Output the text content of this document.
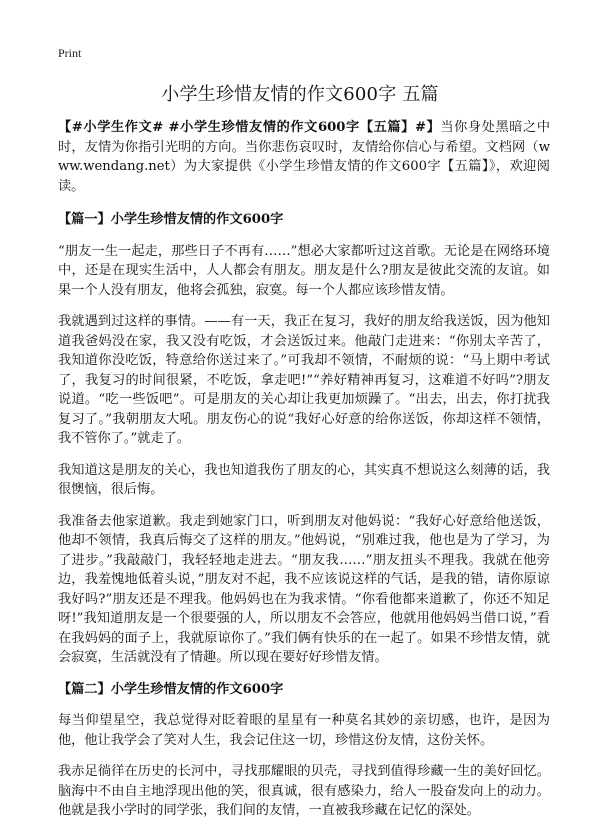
Print
小学生珍惜友情的作文600字 五篇

【#小学生作文# #小学生珍惜友情的作文600字【五篇】#】当你身处黑暗之中时，友情为你指引光明的方向。当你悲伤哀叹时，友情给你信心与希望。文档网（www.wendang.net）为大家提供《小学生珍惜友情的作文600字【五篇】》，欢迎阅读。

【篇一】小学生珍惜友情的作文600字

“朋友一生一起走，那些日子不再有……”想必大家都听过这首歌。无论是在网络环境中，还是在现实生活中，人人都会有朋友。朋友是什么?朋友是彼此交流的友谊。如果一个人没有朋友，他将会孤独，寂寞。每一个人都应该珍惜友情。

我就遇到过这样的事情。——有一天，我正在复习，我好的朋友给我送饭，因为他知道我爸妈没在家，我又没有吃饭，才会送饭过来。他敲门走进来：“你别太辛苦了，我知道你没吃饭，特意给你送过来了。”可我却不领情，不耐烦的说：“马上期中考试了，我复习的时间很紧，不吃饭，拿走吧!”“养好精神再复习，这难道不好吗”?朋友说道。“吃一些饭吧”。可是朋友的关心却让我更加烦躁了。“出去，出去，你打扰我复习了。”我朝朋友大吼。朋友伤心的说“我好心好意的给你送饭，你却这样不领情，我不管你了。”就走了。

我知道这是朋友的关心，我也知道我伤了朋友的心，其实真不想说这么刻薄的话，我很懊恼，很后悔。

我准备去他家道歉。我走到她家门口，听到朋友对他妈说：“我好心好意给他送饭，他却不领情，我真后悔交了这样的朋友。”他妈说，“别难过我，他也是为了学习，为了进步。”我敲敲门，我轻轻地走进去。“朋友我……”朋友扭头不理我。我就在他旁边，我羞愧地低着头说，”朋友对不起，我不应该说这样的气话，是我的错，请你原谅我好吗?”朋友还是不理我。他妈妈也在为我求情。“你看他都来道歉了，你还不知足呀!”我知道朋友是一个很要强的人，所以朋友不会答应，他就用他妈妈当借口说，”看在我妈妈的面子上，我就原谅你了。”我们俩有快乐的在一起了。如果不珍惜友情，就会寂寞，生活就没有了情趣。所以现在要好好珍惜友情。

【篇二】小学生珍惜友情的作文600字

每当仰望星空，我总觉得对眨着眼的星星有一种莫名其妙的亲切感，也许，是因为他，他让我学会了笑对人生，我会记住这一切，珍惜这份友情，这份关怀。

我赤足徜徉在历史的长河中，寻找那耀眼的贝壳，寻找到值得珍藏一生的美好回忆。脑海中不由自主地浮现出他的笑，很真诚，很有感染力，给人一股奋发向上的动力。他就是我小学时的同学张，我们间的友情，一直被我珍藏在记忆的深处。
